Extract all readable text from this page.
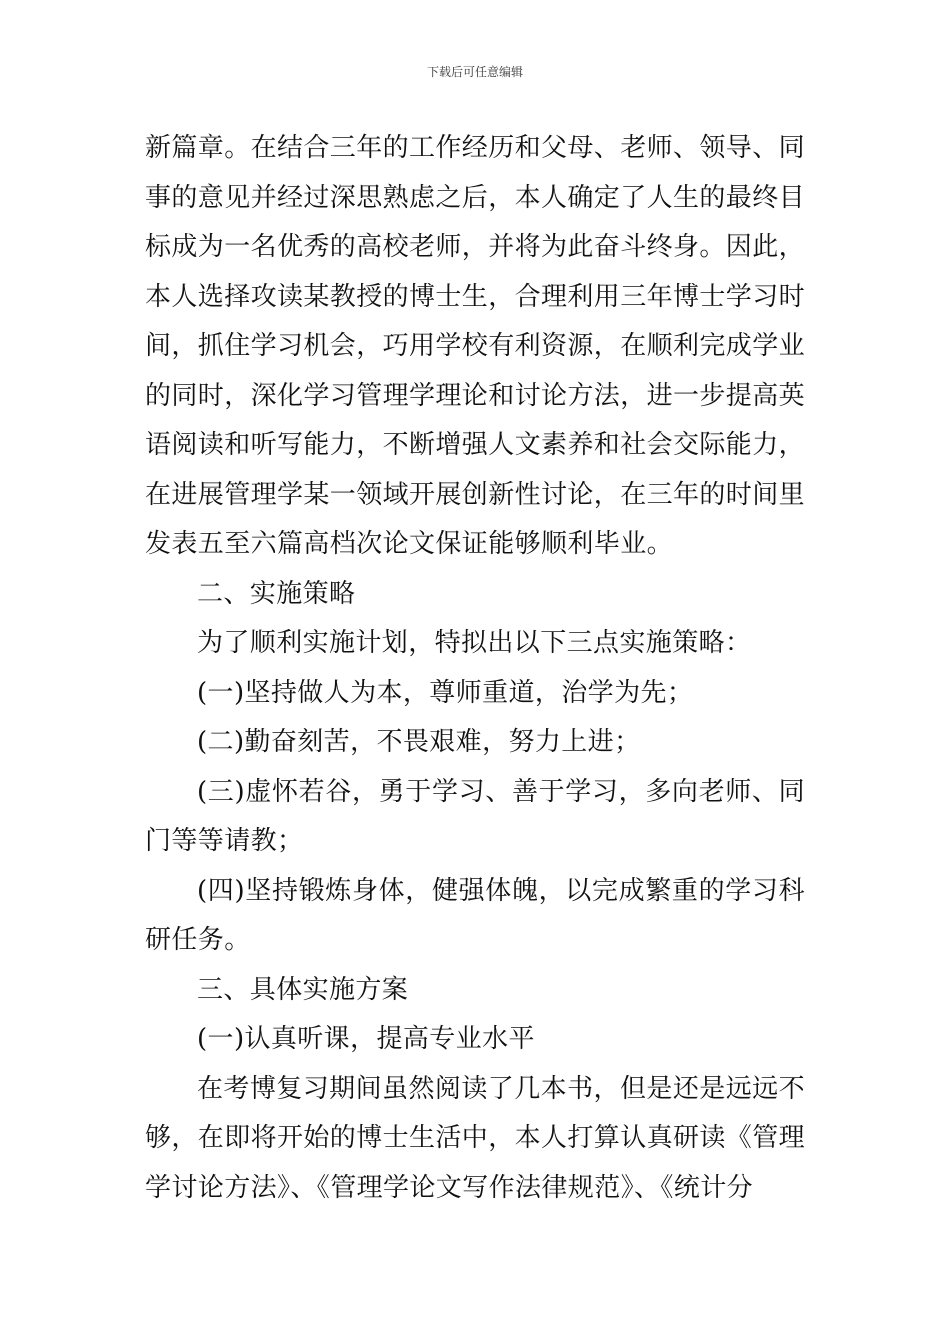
下载后可任意编辑

新篇章。在结合三年的工作经历和父母、老师、领导、同事的意见并经过深思熟虑之后，本人确定了人生的最终目标成为一名优秀的高校老师，并将为此奋斗终身。因此，本人选择攻读某教授的博士生，合理利用三年博士学习时间，抓住学习机会，巧用学校有利资源，在顺利完成学业的同时，深化学习管理学理论和讨论方法，进一步提高英语阅读和听写能力，不断增强人文素养和社会交际能力，在进展管理学某一领域开展创新性讨论，在三年的时间里发表五至六篇高档次论文保证能够顺利毕业。

二、实施策略

为了顺利实施计划，特拟出以下三点实施策略：

(一)坚持做人为本，尊师重道，治学为先；

(二)勤奋刻苦，不畏艰难，努力上进；

(三)虚怀若谷，勇于学习、善于学习，多向老师、同门等等请教；

(四)坚持锻炼身体，健强体魄，以完成繁重的学习科研任务。

三、具体实施方案

(一)认真听课，提高专业水平

在考博复习期间虽然阅读了几本书，但是还是远远不够，在即将开始的博士生活中，本人打算认真研读《管理学讨论方法》、《管理学论文写作法律规范》、《统计分
